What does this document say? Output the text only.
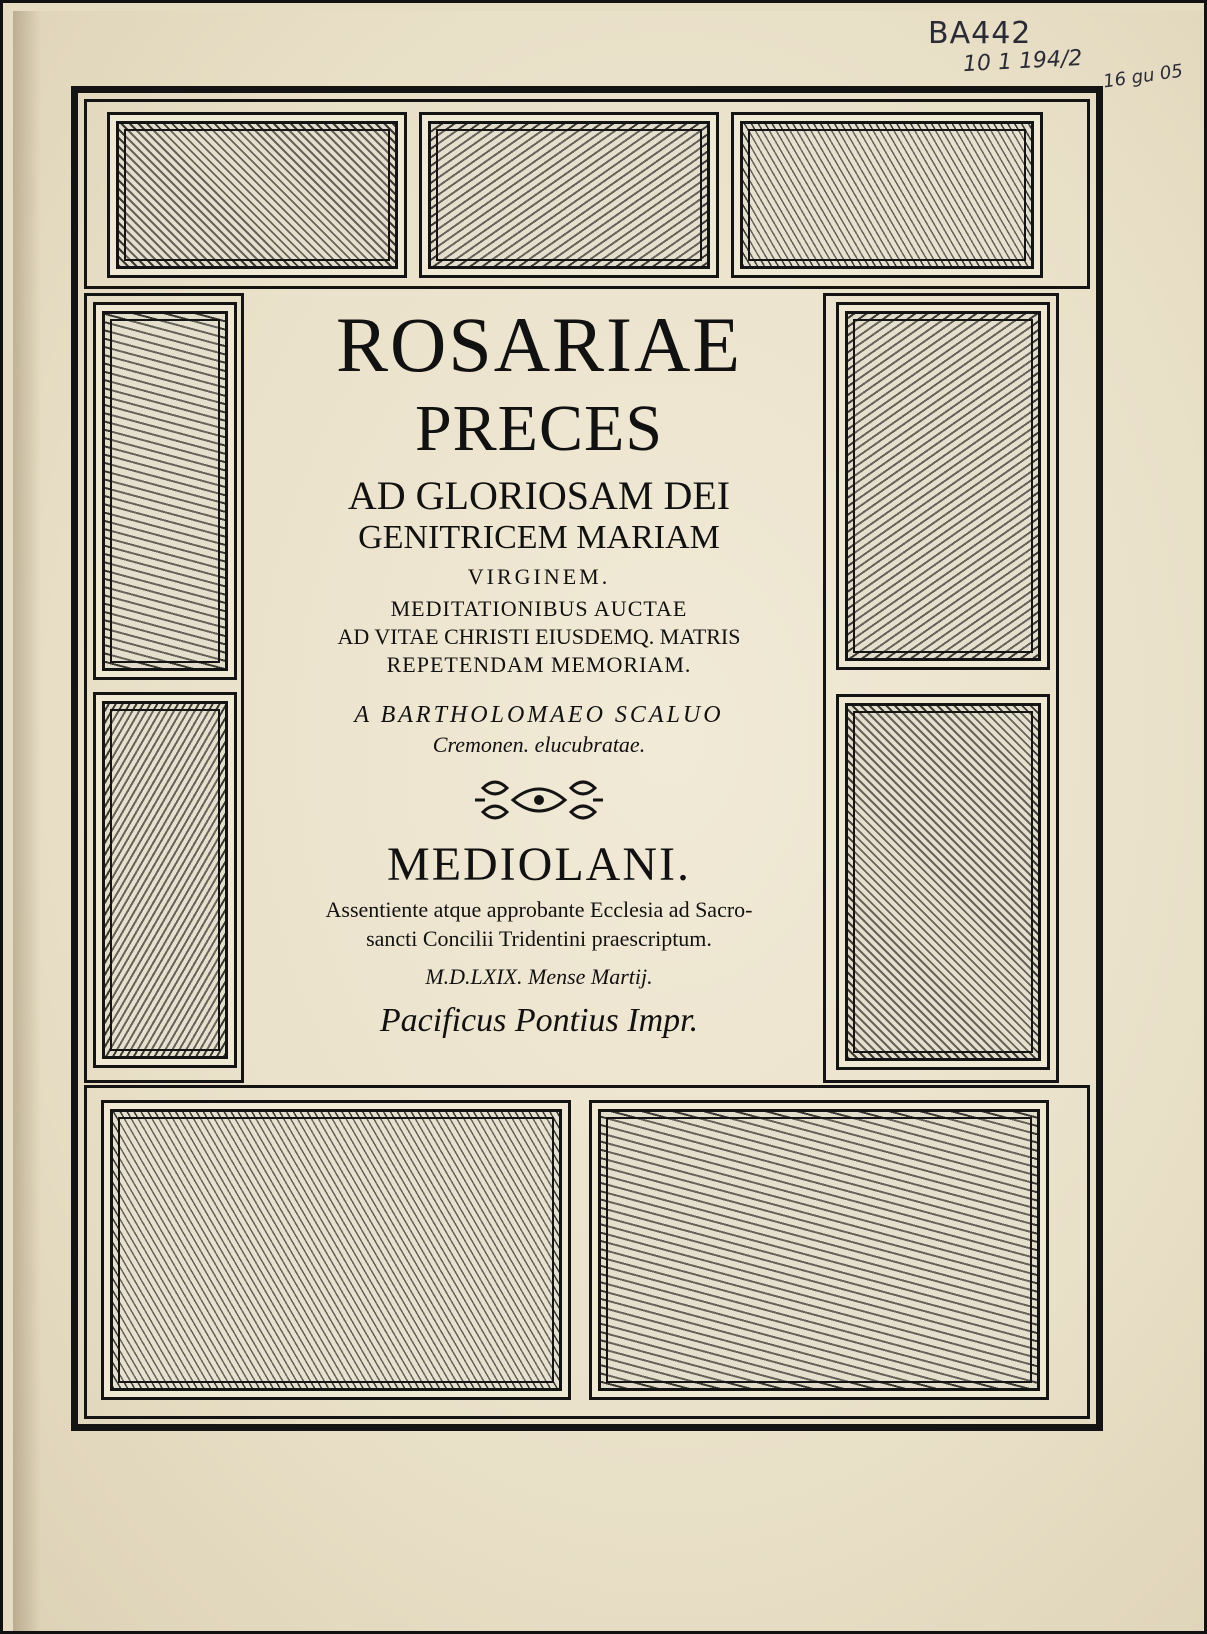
BA442
10 1 194/2 16 gu 05
ROSARIAE
PRECES
AD GLORIOSAM DEI
GENITRICEM MARIAM
VIRGINEM.
MEDITATIONIBUS AUCTAE
AD VITAE CHRISTI EIUSDEMQ. MATRIS
REPETENDAM MEMORIAM.
A BARTHOLOMAEO SCALUO
Cremonen. elucubratae.
MEDIOLANI.
Assentiente atque approbante Ecclesia ad Sacro-
sancti Concilii Tridentini praescriptum.
M.D.LXIX. Mense Martij.
Pacificus Pontius Impr.
